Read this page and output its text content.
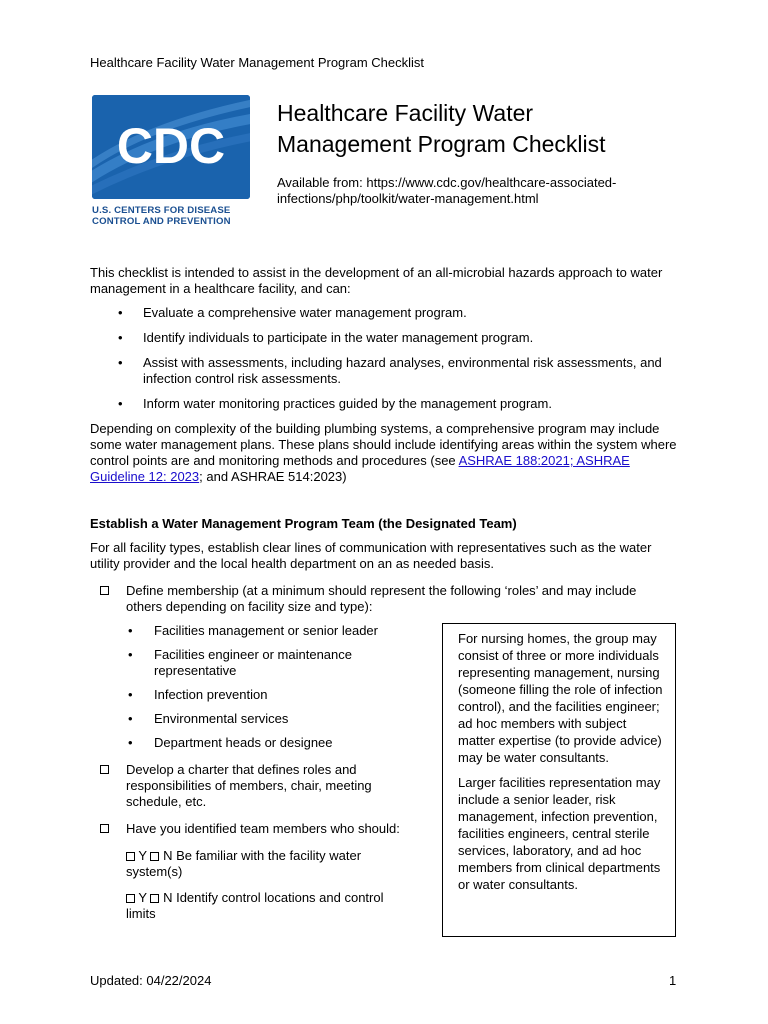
Healthcare Facility Water Management Program Checklist
CDC
U.S. CENTERS FOR DISEASE
CONTROL AND PREVENTION
Healthcare Facility Water
Management Program Checklist
Available from: https://www.cdc.gov/healthcare-associated-
infections/php/toolkit/water-management.html
This checklist is intended to assist in the development of an all-microbial hazards approach to water management in a healthcare facility, and can:
• Evaluate a comprehensive water management program.
• Identify individuals to participate in the water management program.
• Assist with assessments, including hazard analyses, environmental risk assessments, and infection control risk assessments.
• Inform water monitoring practices guided by the management program.
Depending on complexity of the building plumbing systems, a comprehensive program may include some water management plans. These plans should include identifying areas within the system where control points are and monitoring methods and procedures (see ASHRAE 188:2021; ASHRAE Guideline 12: 2023; and ASHRAE 514:2023)
Establish a Water Management Program Team (the Designated Team)
For all facility types, establish clear lines of communication with representatives such as the water utility provider and the local health department on an as needed basis.
Define membership (at a minimum should represent the following ‘roles’ and may include others depending on facility size and type):
• Facilities management or senior leader
• Facilities engineer or maintenance representative
• Infection prevention
• Environmental services
• Department heads or designee
Develop a charter that defines roles and responsibilities of members, chair, meeting schedule, etc.
Have you identified team members who should:
Y N Be familiar with the facility water system(s)
Y N Identify control locations and control limits

For nursing homes, the group may consist of three or more individuals representing management, nursing (someone filling the role of infection control), and the facilities engineer; ad hoc members with subject matter expertise (to provide advice) may be water consultants.

Larger facilities representation may include a senior leader, risk management, infection prevention, facilities engineers, central sterile services, laboratory, and ad hoc members from clinical departments or water consultants.

Updated: 04/22/2024	1
